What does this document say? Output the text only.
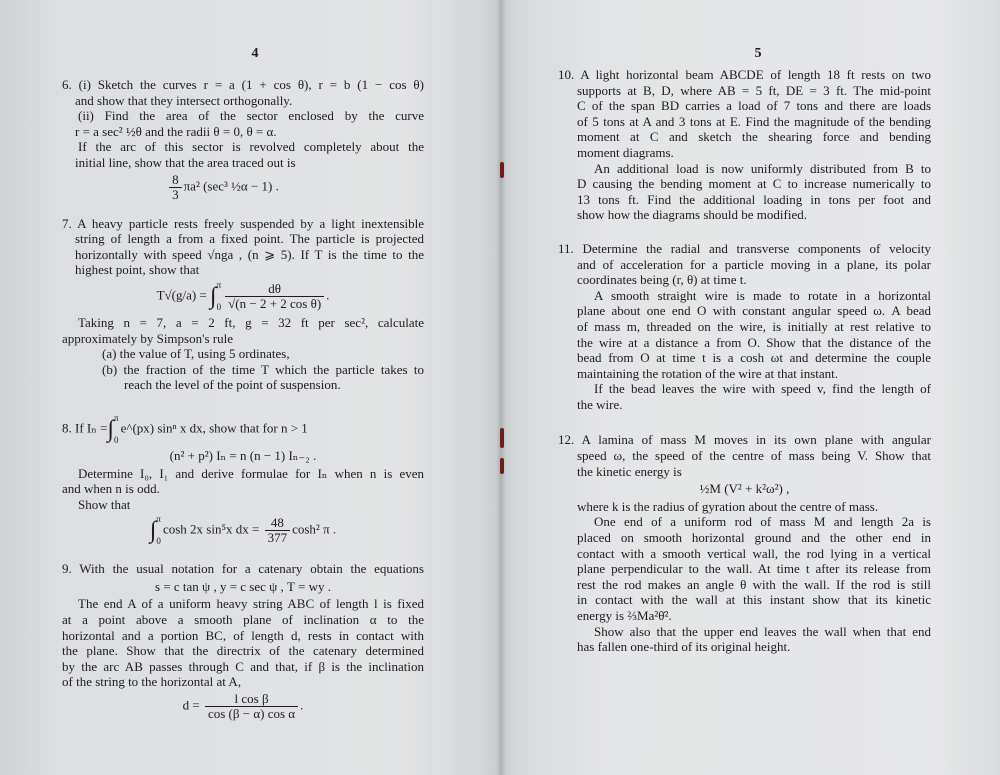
4
6. (i) Sketch the curves r = a (1 + cos θ), r = b (1 − cos θ)
and show that they intersect orthogonally.
(ii) Find the area of the sector enclosed by the curve
r = a sec² ½θ and the radii θ = 0, θ = α.
If the arc of this sector is revolved completely about the
initial line, show that the area traced out is
$\frac{8}{3} \pi a^2$ (sec³ ½α − 1) .
7. A heavy particle rests freely suspended by a light inextensible
string of length a from a fixed point. The particle is projected
horizontally with speed √nga , (n ⩾ 5). If T is the time to the
highest point, show that
T√(g/a) = ∫π

$0 \frac{d\theta}{\text{√(n − 2 + 2 cos θ)}}$ .
Taking n = 7, a = 2 ft, g = 32 ft per sec², calculate
approximately by Simpson's rule
(a) the value of T, using 5 ordinates,
(b) the fraction of the time T which the particle takes to
reach the level of the point of suspension.
8. If Iₙ =∫π

0e^(px) sinⁿ x dx, show that for n > 1
(n² + p²) Iₙ = n (n − 1) Iₙ₋₂ .
Determine I₀, I₁ and derive formulae for Iₙ when n is even
and when n is odd.
Show that
∫π

0cosh 2x sin⁵x dx = $\frac{48}{377} \cosh^2$ π .
9. With the usual notation for a catenary obtain the equations
s = c tan ψ , y = c sec ψ , T = wy .
The end A of a uniform heavy string ABC of length l is fixed
at a point above a smooth plane of inclination α to the
horizontal and a portion BC, of length d, rests in contact with
the plane. Show that the directrix of the catenary determined
by the arc AB passes through C and that, if β is the inclination
of the string to the horizontal at A,
$d = \frac{\text{l cos β}}{\text{cos (β − α) cos α}}$ .
5
10. A light horizontal beam ABCDE of length 18 ft rests on two
supports at B, D, where AB = 5 ft, DE = 3 ft. The mid-point
C of the span BD carries a load of 7 tons and there are loads
of 5 tons at A and 3 tons at E. Find the magnitude of the bending
moment at C and sketch the shearing force and bending
moment diagrams.
An additional load is now uniformly distributed from B to
D causing the bending moment at C to increase numerically to
13 tons ft. Find the additional loading in tons per foot and
show how the diagrams should be modified.
11. Determine the radial and transverse components of velocity
and of acceleration for a particle moving in a plane, its polar
coordinates being (r, θ) at time t.
A smooth straight wire is made to rotate in a horizontal
plane about one end O with constant angular speed ω. A bead
of mass m, threaded on the wire, is initially at rest relative to
the wire at a distance a from O. Show that the distance of the
bead from O at time t is a cosh ωt and determine the couple
maintaining the rotation of the wire at that instant.
If the bead leaves the wire with speed v, find the length of
the wire.
12. A lamina of mass M moves in its own plane with angular
speed ω, the speed of the centre of mass being V. Show that
the kinetic energy is
½M (V² + k²ω²) ,
where k is the radius of gyration about the centre of mass.
One end of a uniform rod of mass M and length 2a is
placed on smooth horizontal ground and the other end in
contact with a smooth vertical wall, the rod lying in a vertical
plane perpendicular to the wall. At time t after its release from
rest the rod makes an angle θ with the wall. If the rod is still
in contact with the wall at this instant show that its kinetic
energy is ⅔Ma²θ̇².
Show also that the upper end leaves the wall when that end
has fallen one-third of its original height.
